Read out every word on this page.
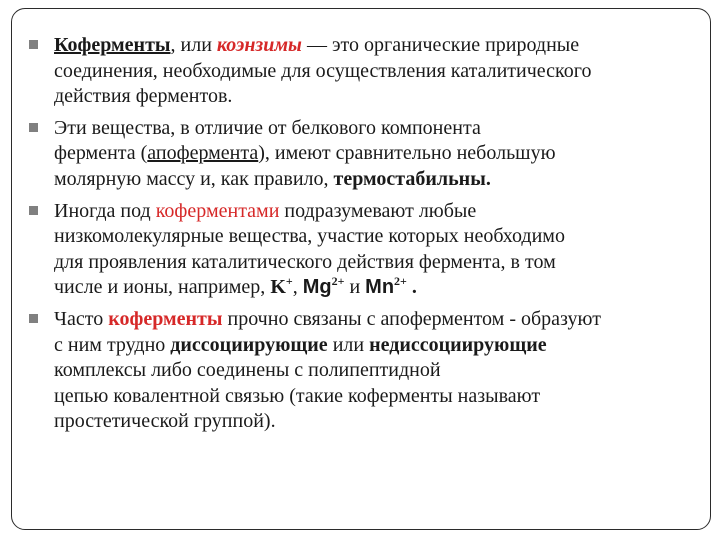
Коферменты, или коэнзимы — это органические природные
соединения, необходимые для осуществления каталитического
действия ферментов.
Эти вещества, в отличие от белкового компонента
фермента (апофермента), имеют сравнительно небольшую
молярную массу и, как правило, термостабильны.
Иногда под коферментами подразумевают любые
низкомолекулярные вещества, участие которых необходимо
для проявления каталитического действия фермента, в том
числе и ионы, например, K+, $Mg^{2+}$ и $Mn^{2+}$ .
Часто коферменты прочно связаны с апоферментом - образуют
с ним трудно диссоциирующие или недиссоциирующие
комплексы либо соединены с полипептидной
цепью ковалентной связью (такие коферменты называют
простетической группой).
